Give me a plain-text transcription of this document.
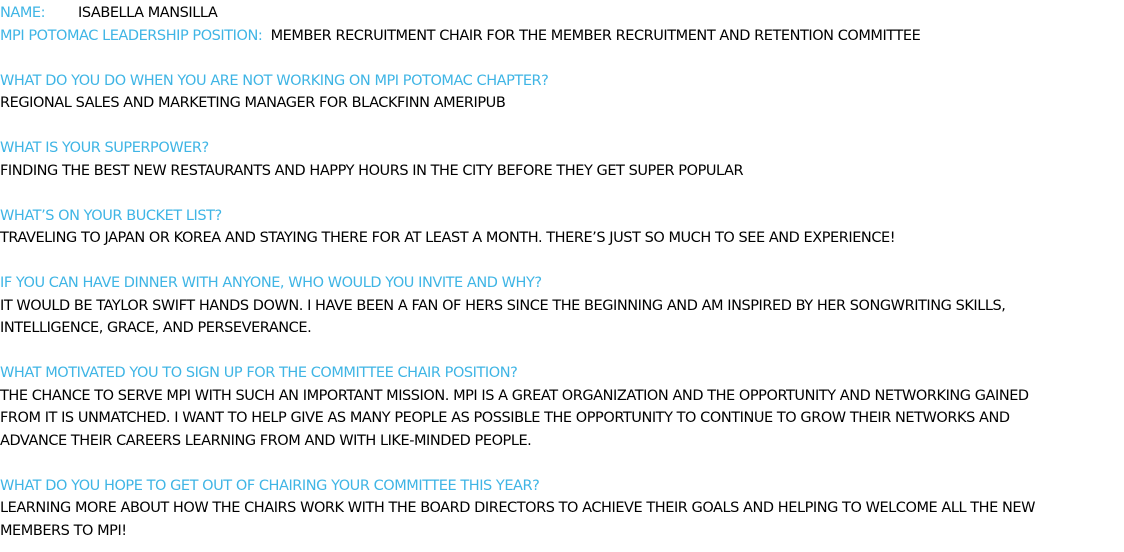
NAME: ISABELLA MANSILLA
MPI POTOMAC LEADERSHIP POSITION: MEMBER RECRUITMENT CHAIR FOR THE MEMBER RECRUITMENT AND RETENTION COMMITTEE
WHAT DO YOU DO WHEN YOU ARE NOT WORKING ON MPI POTOMAC CHAPTER?
REGIONAL SALES AND MARKETING MANAGER FOR BLACKFINN AMERIPUB
WHAT IS YOUR SUPERPOWER?
FINDING THE BEST NEW RESTAURANTS AND HAPPY HOURS IN THE CITY BEFORE THEY GET SUPER POPULAR
WHAT’S ON YOUR BUCKET LIST?
TRAVELING TO JAPAN OR KOREA AND STAYING THERE FOR AT LEAST A MONTH. THERE’S JUST SO MUCH TO SEE AND EXPERIENCE!
IF YOU CAN HAVE DINNER WITH ANYONE, WHO WOULD YOU INVITE AND WHY?
IT WOULD BE TAYLOR SWIFT HANDS DOWN. I HAVE BEEN A FAN OF HERS SINCE THE BEGINNING AND AM INSPIRED BY HER SONGWRITING SKILLS,
INTELLIGENCE, GRACE, AND PERSEVERANCE.
WHAT MOTIVATED YOU TO SIGN UP FOR THE COMMITTEE CHAIR POSITION?
THE CHANCE TO SERVE MPI WITH SUCH AN IMPORTANT MISSION. MPI IS A GREAT ORGANIZATION AND THE OPPORTUNITY AND NETWORKING GAINED
FROM IT IS UNMATCHED. I WANT TO HELP GIVE AS MANY PEOPLE AS POSSIBLE THE OPPORTUNITY TO CONTINUE TO GROW THEIR NETWORKS AND
ADVANCE THEIR CAREERS LEARNING FROM AND WITH LIKE-MINDED PEOPLE.
WHAT DO YOU HOPE TO GET OUT OF CHAIRING YOUR COMMITTEE THIS YEAR?
LEARNING MORE ABOUT HOW THE CHAIRS WORK WITH THE BOARD DIRECTORS TO ACHIEVE THEIR GOALS AND HELPING TO WELCOME ALL THE NEW
MEMBERS TO MPI!
